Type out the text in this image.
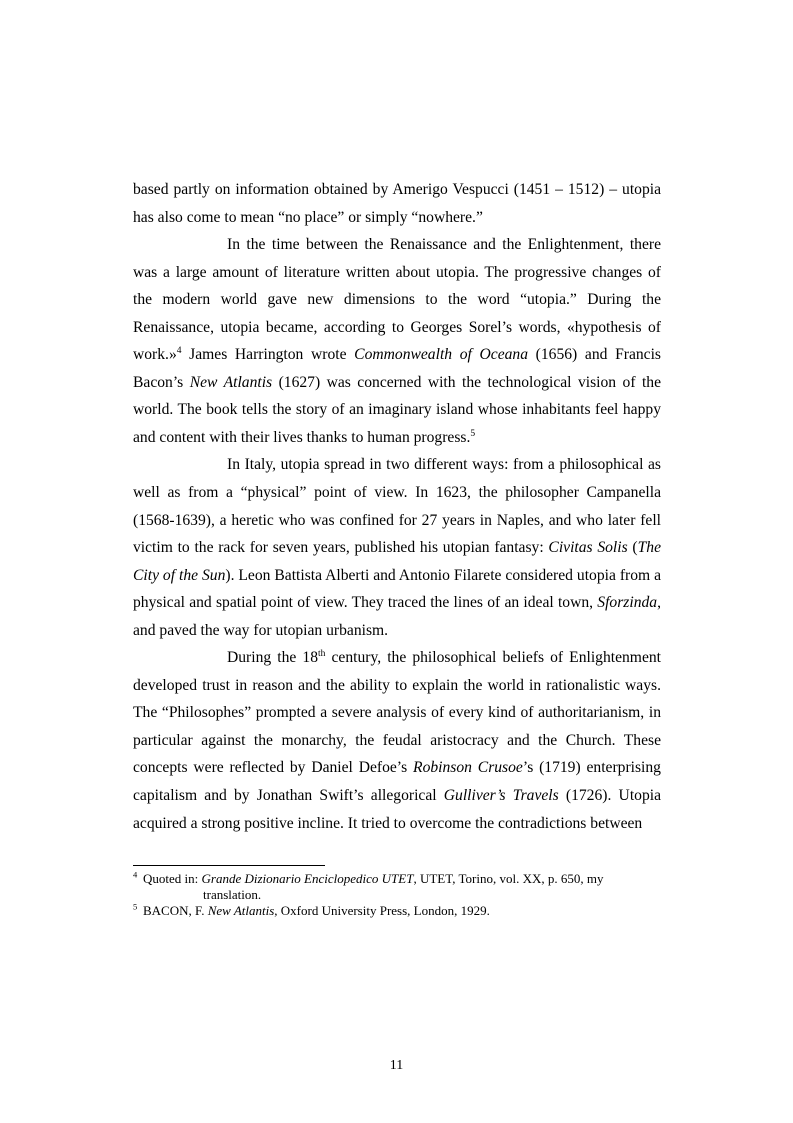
based partly on information obtained by Amerigo Vespucci (1451 – 1512) – utopia has also come to mean “no place” or simply “nowhere.”

In the time between the Renaissance and the Enlightenment, there was a large amount of literature written about utopia. The progressive changes of the modern world gave new dimensions to the word “utopia.” During the Renaissance, utopia became, according to Georges Sorel’s words, «hypothesis of work.»$^4$ James Harrington wrote Commonwealth of Oceana (1656) and Francis Bacon’s New Atlantis (1627) was concerned with the technological vision of the world. The book tells the story of an imaginary island whose inhabitants feel happy and content with their lives thanks to human progress.$^5$

In Italy, utopia spread in two different ways: from a philosophical as well as from a “physical” point of view. In 1623, the philosopher Campanella (1568-1639), a heretic who was confined for 27 years in Naples, and who later fell victim to the rack for seven years, published his utopian fantasy: Civitas Solis (The City of the Sun). Leon Battista Alberti and Antonio Filarete considered utopia from a physical and spatial point of view. They traced the lines of an ideal town, Sforzinda, and paved the way for utopian urbanism.

During the 18th century, the philosophical beliefs of Enlightenment developed trust in reason and the ability to explain the world in rationalistic ways. The “Philosophes” prompted a severe analysis of every kind of authoritarianism, in particular against the monarchy, the feudal aristocracy and the Church. These concepts were reflected by Daniel Defoe’s Robinson Crusoe’s (1719) enterprising capitalism and by Jonathan Swift’s allegorical Gulliver’s Travels (1726). Utopia acquired a strong positive incline. It tried to overcome the contradictions between

$^4$ Quoted in: Grande Dizionario Enciclopedico UTET, UTET, Torino, vol. XX, p. 650, my translation.
$^5$ BACON, F. New Atlantis, Oxford University Press, London, 1929.
11
